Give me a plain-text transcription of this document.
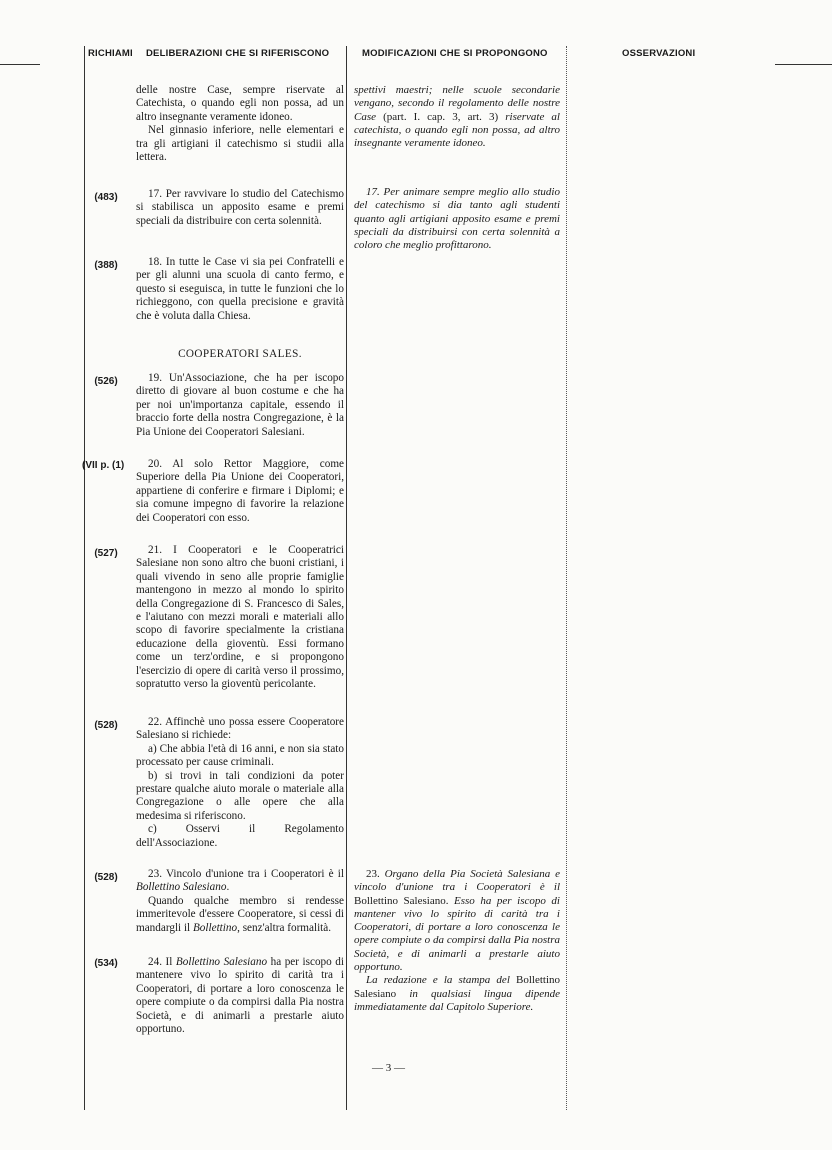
RICHIAMI DELIBERAZIONI CHE SI RIFERISCONO	MODIFICAZIONI CHE SI PROPONGONO	OSSERVAZIONI
(483)
(388)
(526)
(VII p. (1)
(527)
(528)
(528)
(534)

delle nostre Case, sempre riservate al Catechista, o quando egli non possa, ad un altro insegnante veramente idoneo.

Nel ginnasio inferiore, nelle elementari e tra gli artigiani il catechismo si studii alla lettera.

17. Per ravvivare lo studio del Catechismo si stabilisca un apposito esame e premi speciali da distribuire con certa solennità.

18. In tutte le Case vi sia pei Confratelli e per gli alunni una scuola di canto fermo, e questo si eseguisca, in tutte le funzioni che lo richieggono, con quella precisione e gravità che è voluta dalla Chiesa.

COOPERATORI SALES.

19. Un'Associazione, che ha per iscopo diretto di giovare al buon costume e che ha per noi un'importanza capitale, essendo il braccio forte della nostra Congregazione, è la Pia Unione dei Cooperatori Salesiani.

20. Al solo Rettor Maggiore, come Superiore della Pia Unione dei Cooperatori, appartiene di conferire e firmare i Diplomi; e sia comune impegno di favorire la relazione dei Cooperatori con esso.

21. I Cooperatori e le Cooperatrici Salesiane non sono altro che buoni cristiani, i quali vivendo in seno alle proprie famiglie mantengono in mezzo al mondo lo spirito della Congregazione di S. Francesco di Sales, e l'aiutano con mezzi morali e materiali allo scopo di favorire specialmente la cristiana educazione della gioventù. Essi formano come un terz'ordine, e si propongono l'esercizio di opere di carità verso il prossimo, sopratutto verso la gioventù pericolante.

22. Affinchè uno possa essere Cooperatore Salesiano si richiede:

a) Che abbia l'età di 16 anni, e non sia stato processato per cause criminali.

b) si trovi in tali condizioni da poter prestare qualche aiuto morale o materiale alla Congregazione o alle opere che alla medesima si riferiscono.

c) Osservi il Regolamento dell'Associazione.

23. Vincolo d'unione tra i Cooperatori è il Bollettino Salesiano.

Quando qualche membro si rendesse immeritevole d'essere Cooperatore, si cessi di mandargli il Bollettino, senz'altra formalità.

24. Il Bollettino Salesiano ha per iscopo di mantenere vivo lo spirito di carità tra i Cooperatori, di portare a loro conoscenza le opere compiute o da compirsi dalla Pia nostra Società, e di animarli a prestarle aiuto opportuno.

spettivi maestri; nelle scuole secondarie vengano, secondo il regolamento delle nostre Case (part. I. cap. 3, art. 3) riservate al catechista, o quando egli non possa, ad altro insegnante veramente idoneo.

17. Per animare sempre meglio allo studio del catechismo si dia tanto agli studenti quanto agli artigiani apposito esame e premi speciali da distribuirsi con certa solennità a coloro che meglio profittarono.

23. Organo della Pia Società Salesiana e vincolo d'unione tra i Cooperatori è il Bollettino Salesiano. Esso ha per iscopo di mantener vivo lo spirito di carità tra i Cooperatori, di portare a loro conoscenza le opere compiute o da compirsi dalla Pia nostra Società, e di animarli a prestarle aiuto opportuno.

La redazione e la stampa del Bollettino Salesiano in qualsiasi lingua dipende immediatamente dal Capitolo Superiore.

— 3 —
